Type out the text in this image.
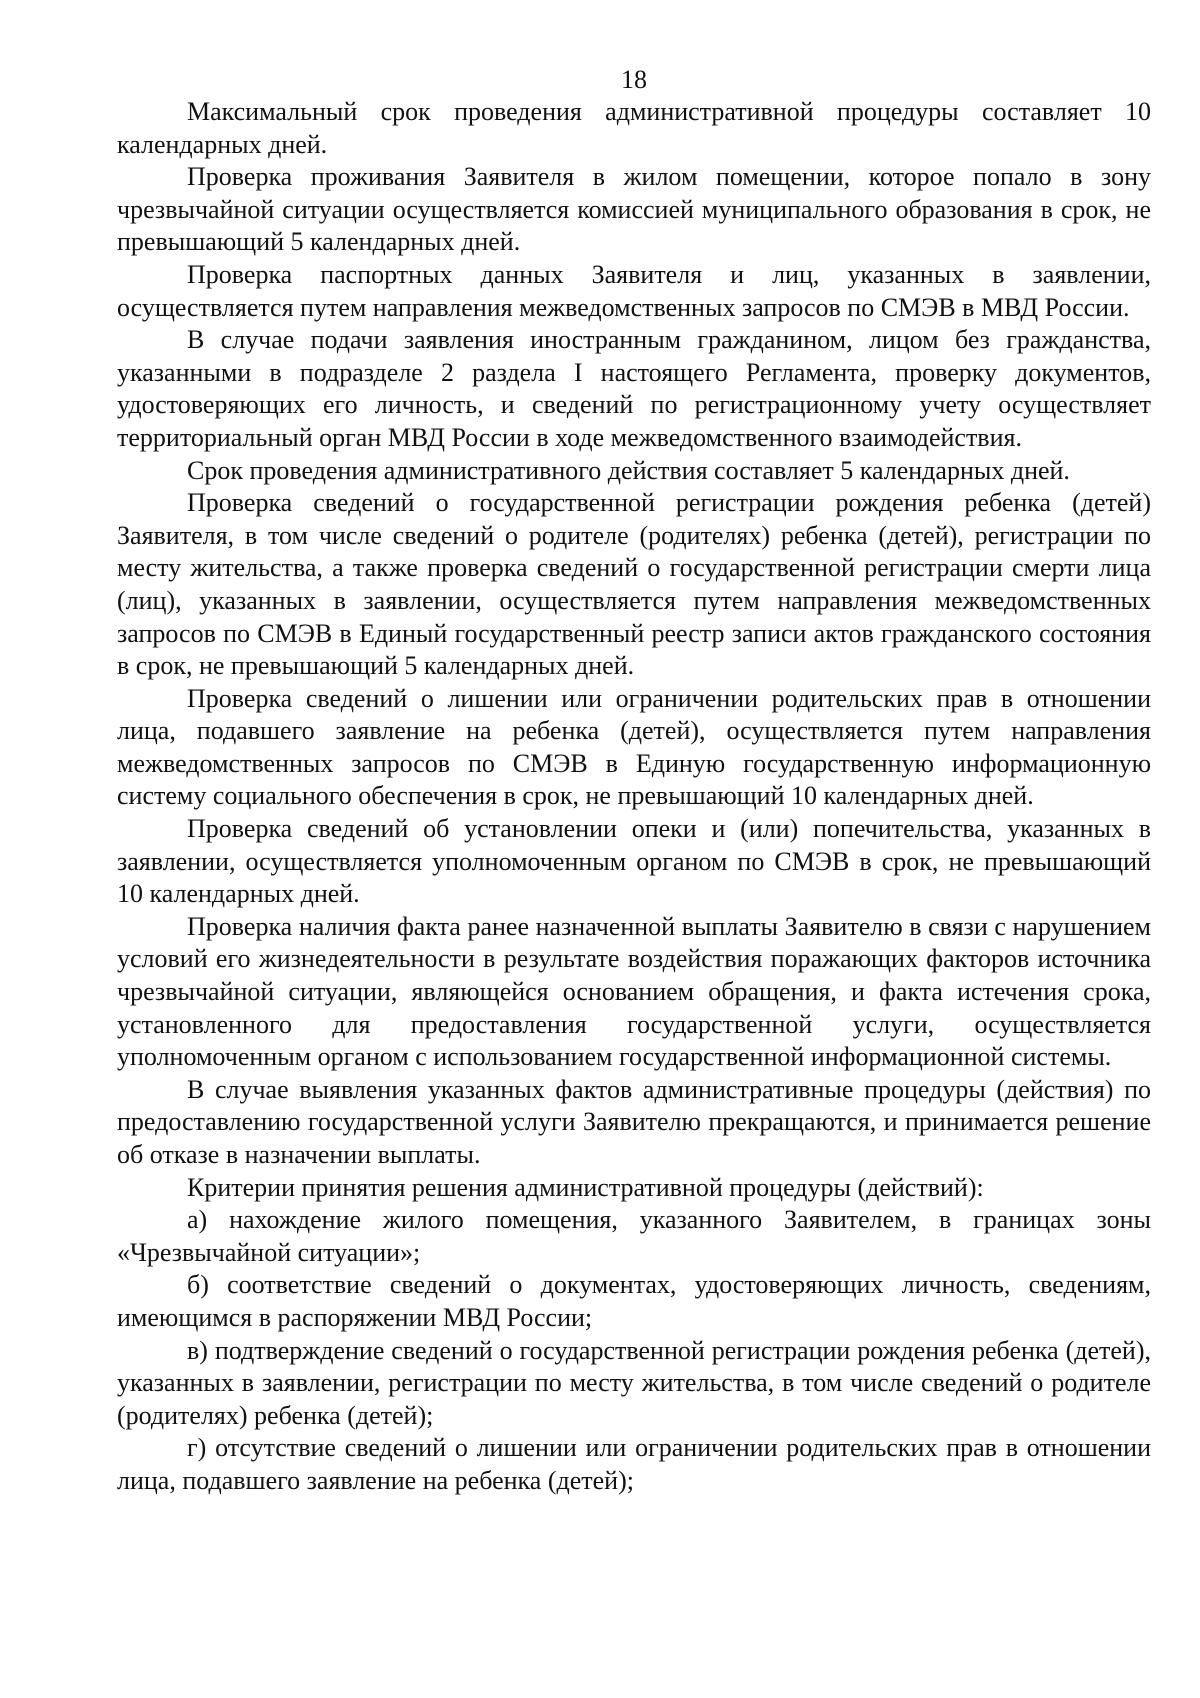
18

Максимальный срок проведения административной процедуры составляет 10 календарных дней.

Проверка проживания Заявителя в жилом помещении, которое попало в зону чрезвычайной ситуации осуществляется комиссией муниципального образования в срок, не превышающий 5 календарных дней.

Проверка паспортных данных Заявителя и лиц, указанных в заявлении, осуществляется путем направления межведомственных запросов по СМЭВ в МВД России.

В случае подачи заявления иностранным гражданином, лицом без гражданства, указанными в подразделе 2 раздела I настоящего Регламента, проверку документов, удостоверяющих его личность, и сведений по регистрационному учету осуществляет территориальный орган МВД России в ходе межведомственного взаимодействия.

Срок проведения административного действия составляет 5 календарных дней.

Проверка сведений о государственной регистрации рождения ребенка (детей) Заявителя, в том числе сведений о родителе (родителях) ребенка (детей), регистрации по месту жительства, а также проверка сведений о государственной регистрации смерти лица (лиц), указанных в заявлении, осуществляется путем направления межведомственных запросов по СМЭВ в Единый государственный реестр записи актов гражданского состояния в срок, не превышающий 5 календарных дней.

Проверка сведений о лишении или ограничении родительских прав в отношении лица, подавшего заявление на ребенка (детей), осуществляется путем направления межведомственных запросов по СМЭВ в Единую государственную информационную систему социального обеспечения в срок, не превышающий 10 календарных дней.

Проверка сведений об установлении опеки и (или) попечительства, указанных в заявлении, осуществляется уполномоченным органом по СМЭВ в срок, не превышающий 10 календарных дней.

Проверка наличия факта ранее назначенной выплаты Заявителю в связи с нарушением условий его жизнедеятельности в результате воздействия поражающих факторов источника чрезвычайной ситуации, являющейся основанием обращения, и факта истечения срока, установленного для предоставления государственной услуги, осуществляется уполномоченным органом с использованием государственной информационной системы.

В случае выявления указанных фактов административные процедуры (действия) по предоставлению государственной услуги Заявителю прекращаются, и принимается решение об отказе в назначении выплаты.

Критерии принятия решения административной процедуры (действий):

а) нахождение жилого помещения, указанного Заявителем, в границах зоны «Чрезвычайной ситуации»;

б) соответствие сведений о документах, удостоверяющих личность, сведениям, имеющимся в распоряжении МВД России;

в) подтверждение сведений о государственной регистрации рождения ребенка (детей), указанных в заявлении, регистрации по месту жительства, в том числе сведений о родителе (родителях) ребенка (детей);

г) отсутствие сведений о лишении или ограничении родительских прав в отношении лица, подавшего заявление на ребенка (детей);
